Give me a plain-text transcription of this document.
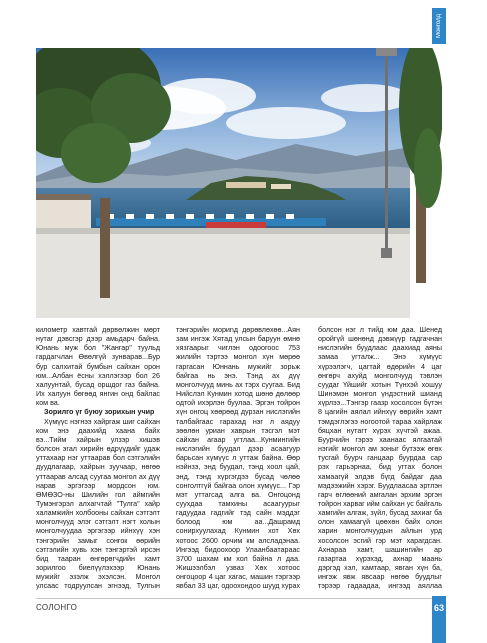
Монголд

километр хавтгай дөрвөлжин мөрт нутаг дэвсгэр дээр амьдарч байна. Юнань муж бол "Жангар" туульд гардагчлан Өвөлгүй зунварав...Бур бур салхитай бумбын сайхан орон юм...Албан ёсны хэллэгээр бол 26 халуунтай, бусад оршдог газ байна. Их халуун бөгөөд янгин онд байлас ком ва.

Зорилго үг буюу зорихын учир

Хүмүүс нэгнээ хайргаж шиг сайхан ком энэ даахийд хаана байх вэ...Тийм хайрын улзэр хишэв болсон эгал хирийн өдрүүдийг удаж уттахаар нэг уттаарав бол сэтгэлийн дуудлагаар, хайрын зуучаар, нөгөө уттаарав алсад суугаа монгол ах дүү нарав эргэгээр мордсон юм. ӨМӨЗО-ны Шилийн гол аймгийн Тумэнгэрэл алхагчтай "Тулга" хайр халамжийн холбооны сайхан сэтгэлт монголчууд элэг сэтгэлт нэгт холын монголчуудаа эргэгээр ийнхүү хэн тэнгэрийн замыг сонгок өөрийн сэтгэлийн хувь хэн тэнгэртэй ирсэн бид тааран өнгөрөгчдийн хамт зорилгоо биелүүлэхээр Юнань мужийг эзэлж эхэлсэн. Монгол улсаас тодруулсан эгнээд, Тулгын

тэнгэрийн мориnд дөрөвлөхөө...Аян зам ингэж Хятад улсын баруун өмнө хязгаарыг чиглэн одоогоос 753 жилийн тэртээ монгол хүн мөрөө гаргасан Юннань мужийг зорьж байгаа нь энэ. Тэнд ах дүү монголчууд минь ах тэрх суугаа. Бид Нийслэл Кунмин хотод шөнө дөлөөр одтой ихэрлэн буулаа. Эргэн тойрон хүн онгоц хөөрөөд дурзан нислэгийн талбайгаас гарахад нэг л аядуу зөөлөн уриан хаврын тэсгэл мэт сайхан агаар угтлаа...Кунмингийн нислэгийн буудал дээр асаагуур барьсан хүмүүс л уттаж байна. Өөр нэйнзэ, энд буудал, тэнд хоол цай, энд, тэнд хүргэгдээ бусад чөлөө сонголтгүй байгаа олон хүмүүс... Гэр мэт уттагсад алга ва. Онгоцонд суухдаа тамхины асаагуурыг гадуудаа гадгийг тэд сайн мэддэг болоод юм аа...Дашрамд сонирхуулахад Кунмин хот Хөх хотоос 2600 орчим км алсладэнаа. Ингээд бидоохоор Улаанбаатараас 3700 шахам км хол байна л даа. Жишээлбэл узваз Хөх хотоос онгоцоор 4 цаг хагас, машин тэргээр явбал 33 цаг, одоохондоо шууд хурах

болсон нэг л тийд юм даа. Шенед оройгүй шөнөнд дэвжүүр гадгачнан нислэгийн буудлаас даахиад аяны замаа угталж... Энэ хүмүүс хүрээлэгч, цагтай өдөрийн 4 цаг өнгөрч ахуйд монголчууд тэвлэн суудаг Үйшийг хотын Түнхэй хошуу Шинэмэн монгол үндэстний шианд хүрлээ...Тэнгэр гаазр хосолсон бүтэн 8 цагийн аялал ийнхүү өөрийн хамт тэмдэглэгээ ногоотой тараа хайрлаж бяцхан нутагт хүрэх хүчтэй ажаа. Буурчийн гэрээ хаанаас ялгаатай нэгийг монгол ам зоныг бүтээж өгөх тусгай буурч ганцаар буурдаа сар рэх гарьэрнаа, бид угтах болон хамаагүй элдэв бүгд байдаг даа мэдээжийн хэрэг. Буудлаасаа эртлэн гарч өглөөний амгалан эрхим эргэн тойрон харваг ийм сайхан ус байгаль хамгийн алгаж, зүйл, бусад захиаг ба олон хамаагүй цөөхөн байх олон харин монголчуудын айлын урд хосолсон эсгий гэр мэт харагдсан. Ахнараа хамт, шашингийн ар газартаа хүрэхэд, ахнар маань дэргэд хэл, хамтаар, явган хүн ба, ингэж явж явсаар нөгөө буудлыг тэрээр гадаадаа, ингээд аяллаа

СОЛОНГО	63
